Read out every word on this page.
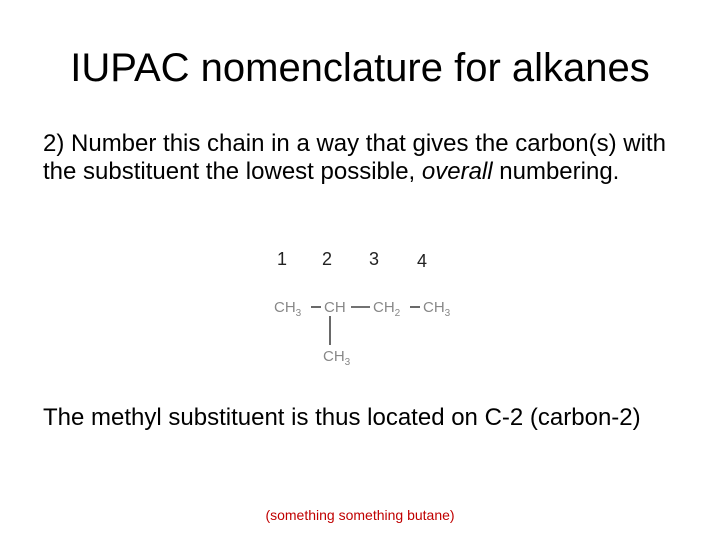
IUPAC nomenclature for alkanes

2) Number this chain in a way that gives the carbon(s) with the substituent the lowest possible, overall numbering.

1 2 3 4
$CH_3$ CH $CH_2$ $CH_3$
$CH_3$

The methyl substituent is thus located on C-2 (carbon-2)

(something something butane)
